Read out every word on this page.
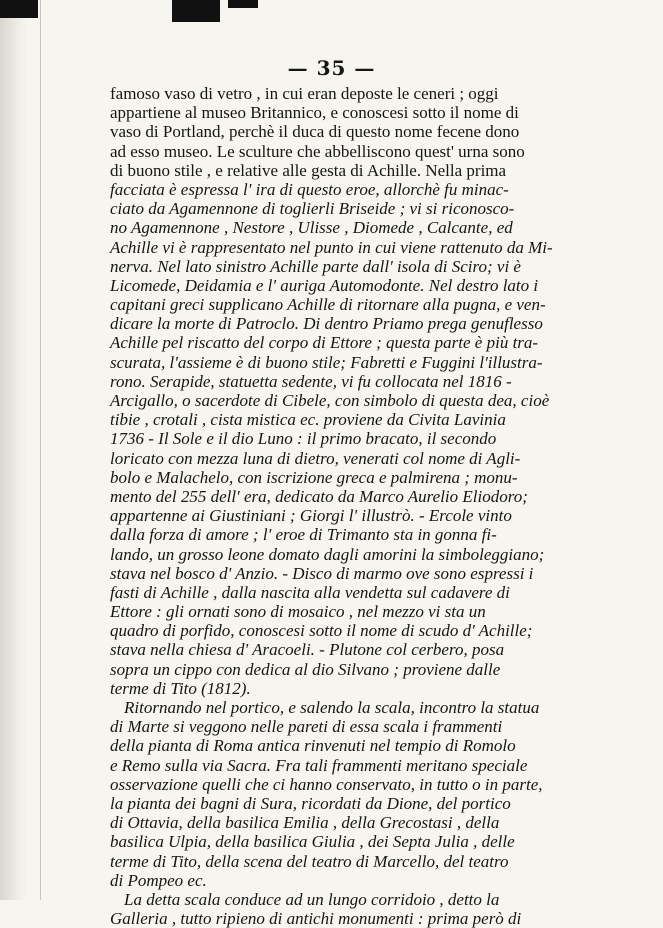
— 35 —
famoso vaso di vetro , in cui eran deposte le ceneri ; oggi
appartiene al museo Britannico, e conoscesi sotto il nome di
vaso di Portland, perchè il duca di questo nome fecene dono
ad esso museo. Le sculture che abbelliscono quest' urna sono
di buono stile , e relative alle gesta di Achille. Nella prima
facciata è espressa l' ira di questo eroe, allorchè fu minac-
ciato da Agamennone di toglierli Briseide ; vi si riconosco-
no Agamennone , Nestore , Ulisse , Diomede , Calcante, ed
Achille vi è rappresentato nel punto in cui viene rattenuto da Mi-
nerva. Nel lato sinistro Achille parte dall' isola di Sciro; vi è
Licomede, Deidamia e l' auriga Automodonte. Nel destro lato i
capitani greci supplicano Achille di ritornare alla pugna, e ven-
dicare la morte di Patroclo. Di dentro Priamo prega genuflesso
Achille pel riscatto del corpo di Ettore ; questa parte è più tra-
scurata, l'assieme è di buono stile; Fabretti e Fuggini l'illustra-
rono. Serapide, statuetta sedente, vi fu collocata nel 1816 -
Arcigallo, o sacerdote di Cibele, con simbolo di questa dea, cioè
tibie , crotali , cista mistica ec. proviene da Civita Lavinia
1736 - Il Sole e il dio Luno : il primo bracato, il secondo
loricato con mezza luna di dietro, venerati col nome di Agli-
bolo e Malachelo, con iscrizione greca e palmirena ; monu-
mento del 255 dell' era, dedicato da Marco Aurelio Eliodoro;
appartenne ai Giustiniani ; Giorgi l' illustrò. - Ercole vinto
dalla forza di amore ; l' eroe di Trimanto sta in gonna fi-
lando, un grosso leone domato dagli amorini la simboleggiano;
stava nel bosco d' Anzio. - Disco di marmo ove sono espressi i
fasti di Achille , dalla nascita alla vendetta sul cadavere di
Ettore : gli ornati sono di mosaico , nel mezzo vi sta un
quadro di porfido, conoscesi sotto il nome di scudo d' Achille;
stava nella chiesa d' Aracoeli. - Plutone col cerbero, posa
sopra un cippo con dedica al dio Silvano ; proviene dalle
terme di Tito (1812).
Ritornando nel portico, e salendo la scala, incontro la statua
di Marte si veggono nelle pareti di essa scala i frammenti
della pianta di Roma antica rinvenuti nel tempio di Romolo
e Remo sulla via Sacra. Fra tali frammenti meritano speciale
osservazione quelli che ci hanno conservato, in tutto o in parte,
la pianta dei bagni di Sura, ricordati da Dione, del portico
di Ottavia, della basilica Emilia , della Grecostasi , della
basilica Ulpia, della basilica Giulia , dei Septa Julia , delle
terme di Tito, della scena del teatro di Marcello, del teatro
di Pompeo ec.
La detta scala conduce ad un lungo corridoio , detto la
Galleria , tutto ripieno di antichi monumenti : prima però di
